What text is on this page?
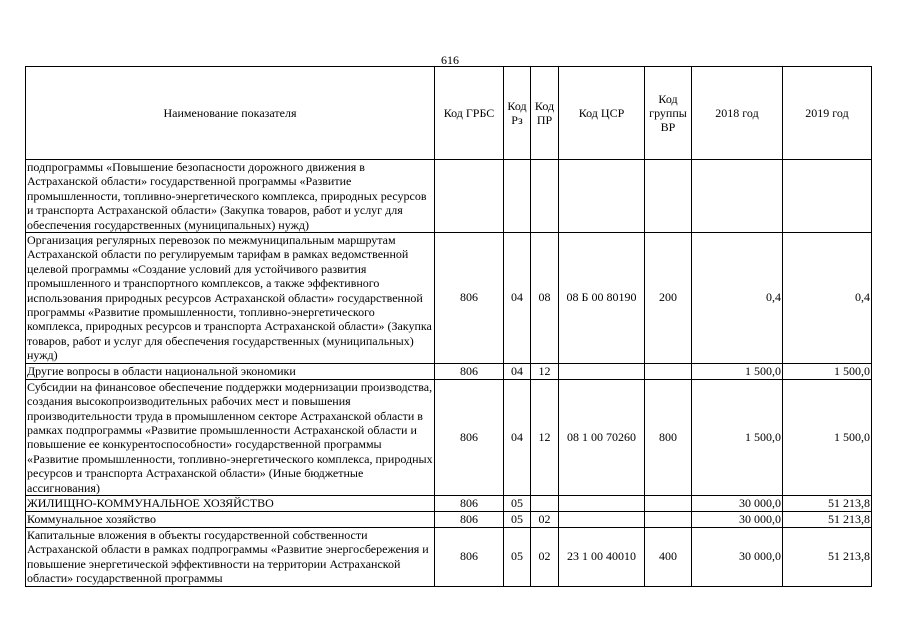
616
Наименование показателя	Код ГРБС	Код Рз	Код ПР	Код ЦСР	Код группы ВР	2018 год	2019 год
подпрограммы «Повышение безопасности дорожного движения в Астраханской области» государственной программы «Развитие промышленности, топливно-энергетического комплекса, природных ресурсов и транспорта Астраханской области» (Закупка товаров, работ и услуг для обеспечения государственных (муниципальных) нужд)							
Организация регулярных перевозок по межмуниципальным маршрутам Астраханской области по регулируемым тарифам в рамках ведомственной целевой программы «Создание условий для устойчивого развития промышленного и транспортного комплексов, а также эффективного использования природных ресурсов Астраханской области» государственной программы «Развитие промышленности, топливно-энергетического комплекса, природных ресурсов и транспорта Астраханской области» (Закупка товаров, работ и услуг для обеспечения государственных (муниципальных) нужд)	806	04	08	08 Б 00 80190	200	0,4	0,4
Другие вопросы в области национальной экономики	806	04	12			1 500,0	1 500,0
Субсидии на финансовое обеспечение поддержки модернизации производства, создания высокопроизводительных рабочих мест и повышения производительности труда в промышленном секторе Астраханской области в рамках подпрограммы «Развитие промышленности Астраханской области и повышение ее конкурентоспособности» государственной программы «Развитие промышленности, топливно-энергетического комплекса, природных ресурсов и транспорта Астраханской области» (Иные бюджетные ассигнования)	806	04	12	08 1 00 70260	800	1 500,0	1 500,0
ЖИЛИЩНО-КОММУНАЛЬНОЕ ХОЗЯЙСТВО	806	05				30 000,0	51 213,8
Коммунальное хозяйство	806	05	02			30 000,0	51 213,8
Капитальные вложения в объекты государственной собственности Астраханской области в рамках подпрограммы «Развитие энергосбережения и повышение энергетической эффективности на территории Астраханской области» государственной программы	806	05	02	23 1 00 40010	400	30 000,0	51 213,8
